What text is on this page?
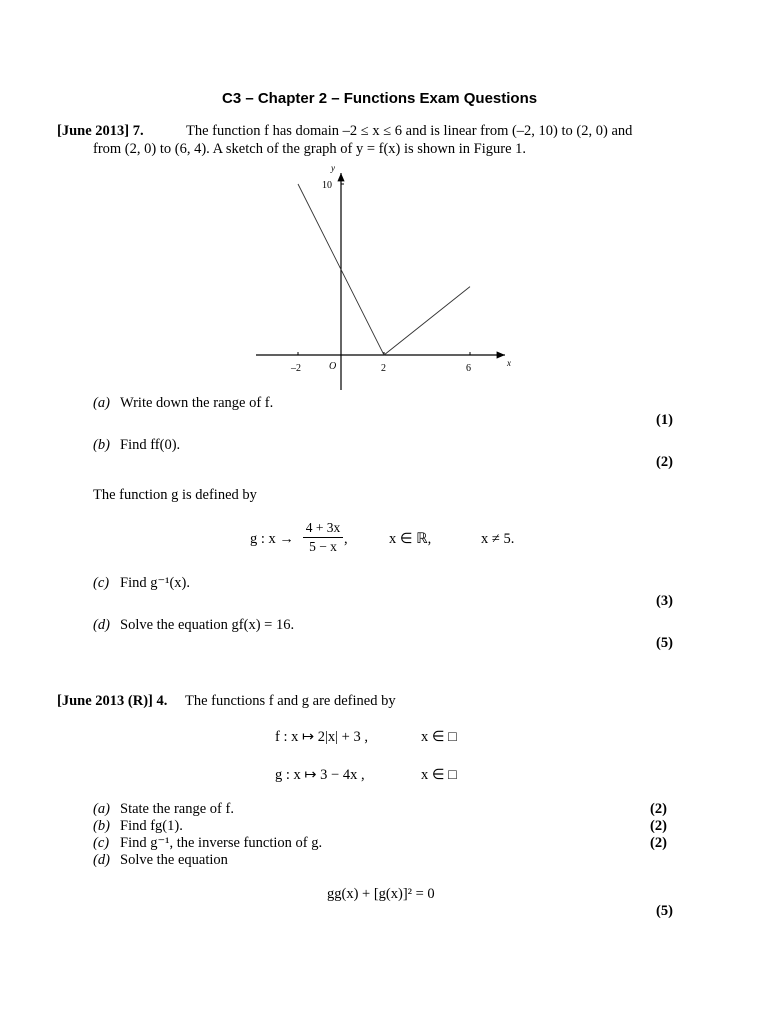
C3 – Chapter 2 – Functions Exam Questions
[June 2013] 7.	The function f has domain –2 ≤ x ≤ 6 and is linear from (–2, 10) to (2, 0) and
from (2, 0) to (6, 4). A sketch of the graph of y = f(x) is shown in Figure 1.
y
x
O
10
–2	2	6
(a) Write down the range of f.
(1)
(b) Find ff(0).
(2)
The function g is defined by
g : $x \to \frac{4 + 3x}{5 - x}$ ,	x ∈ ℝ,	x ≠ 5.
(c) Find g⁻¹(x).
(3)
(d) Solve the equation gf(x) = 16.
(5)
[June 2013 (R)] 4. The functions f and g are defined by
f : x ↦ 2|x| + 3 ,	x ∈ □
g : x ↦ 3 − 4x ,	x ∈ □
(a) State the range of f.	(2)
(b) Find fg(1).	(2)
(c) Find g⁻¹, the inverse function of g.	(2)
(d) Solve the equation
gg(x) + [g(x)]² = 0
(5)
